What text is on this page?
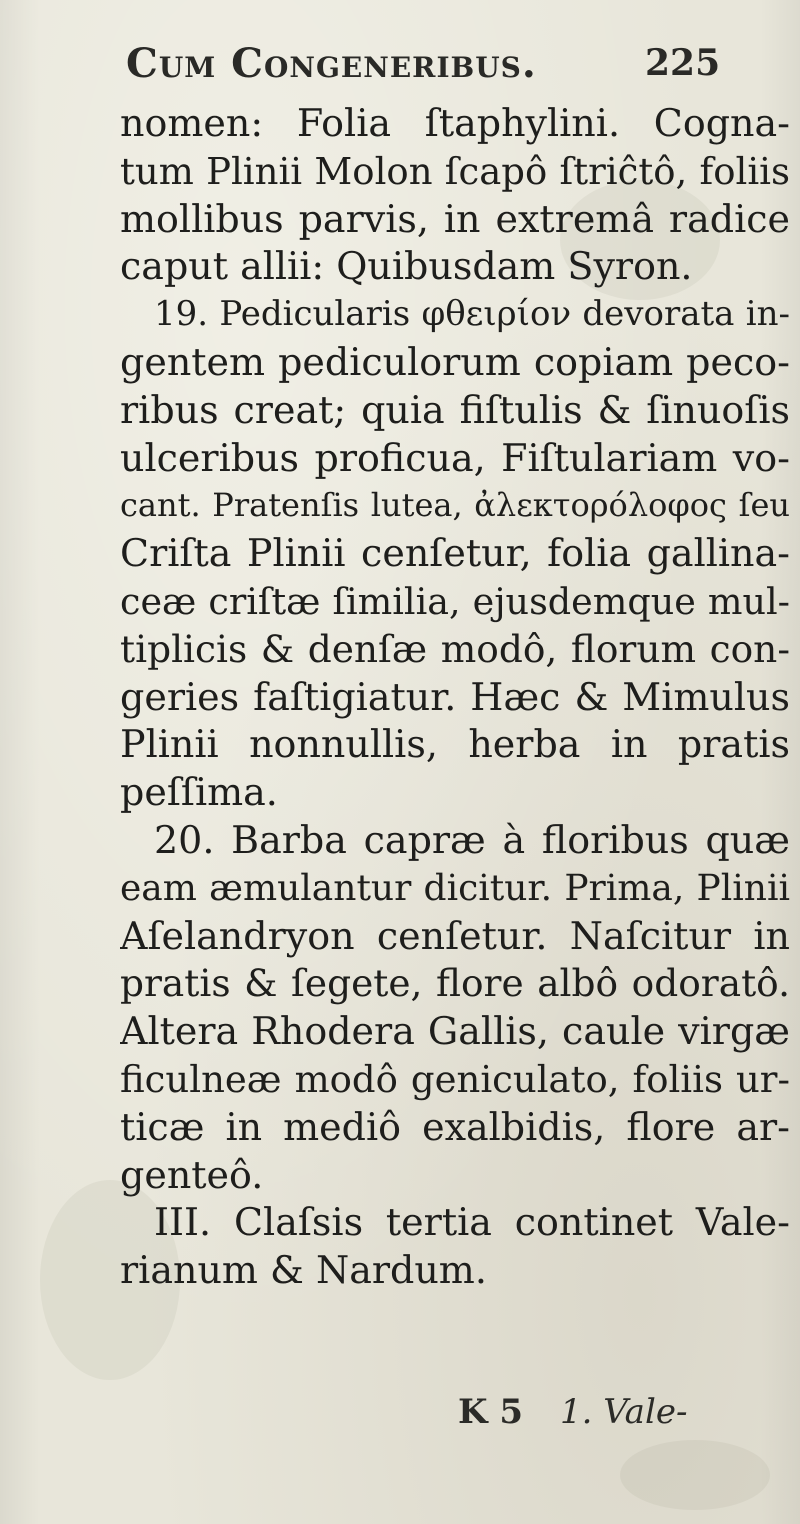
Cum Congeneribus.	225
nomen: Folia ſtaphylini. Cogna-
tum Plinii Molon ſcapô ſtriĉtô, foliis
mollibus parvis, in extremâ radice
caput allii: Quibusdam Syron.
19. Pedicularis φθειρίον devorata in-
gentem pediculorum copiam peco-
ribus creat; quia fiſtulis & ſinuoſis
ulceribus proficua, Fiſtulariam vo-
cant. Pratenſis lutea, ἀλεκτορόλοφος ſeu
Criſta Plinii cenſetur, folia gallina-
ceæ criſtæ ſimilia, ejusdemque mul-
tiplicis & denſæ modô, florum con-
geries faſtigiatur. Hæc & Mimulus
Plinii nonnullis, herba in pratis
peſſima.
20. Barba capræ à floribus quæ
eam æmulantur dicitur. Prima, Plinii
Aſelandryon cenſetur. Naſcitur in
pratis & ſegete, flore albô odoratô.
Altera Rhodera Gallis, caule virgæ
ficulneæ modô geniculato, foliis ur-
ticæ in mediô exalbidis, flore ar-
genteô.
III. Claſsis tertia continet Vale-
rianum & Nardum.
K 5 1. Vale-
